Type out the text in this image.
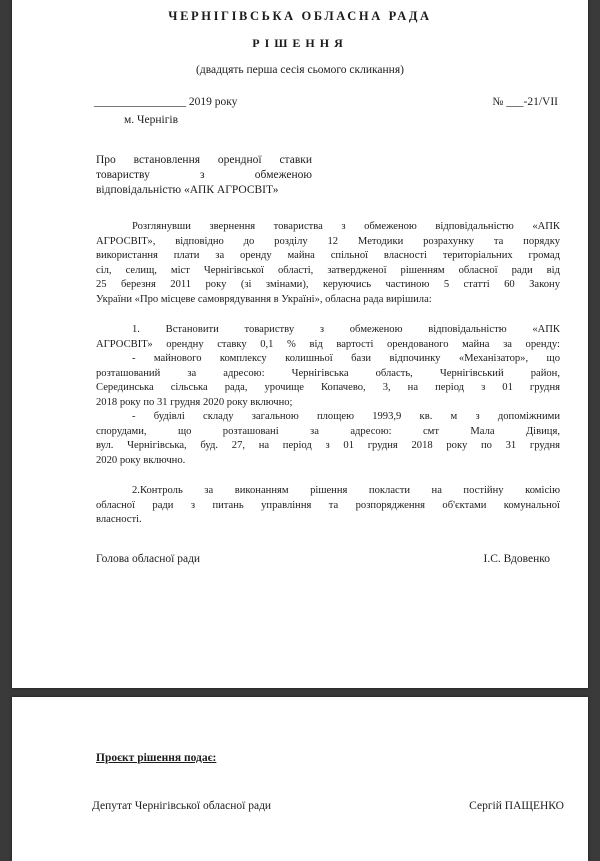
ЧЕРНІГІВСЬКА ОБЛАСНА РАДА
РІШЕННЯ
(двадцять перша сесія сьомого скликання)
________________ 2019 року	№ ___-21/VII
м. Чернігів
Про встановлення орендної ставки
товариству з обмеженою
відповідальністю «АПК АГРОСВІТ»
Розглянувши звернення товариства з обмеженою відповідальністю «АПК
АГРОСВІТ», відповідно до розділу 12 Методики розрахунку та порядку
використання плати за оренду майна спільної власності територіальних громад
сіл, селищ, міст Чернігівської області, затвердженої рішенням обласної ради від
25 березня 2011 року (зі змінами), керуючись частиною 5 статті 60 Закону
України «Про місцеве самоврядування в Україні», обласна рада вирішила:
1. Встановити товариству з обмеженою відповідальністю «АПК
АГРОСВІТ» орендну ставку 0,1 % від вартості орендованого майна за оренду:
- майнового комплексу колишньої бази відпочинку «Механізатор», що
розташований за адресою: Чернігівська область, Чернігівський район,
Серединська сільська рада, урочище Копачево, 3, на період з 01 грудня
2018 року по 31 грудня 2020 року включно;
- будівлі складу загальною площею 1993,9 кв. м з допоміжними
спорудами, що розташовані за адресою: смт Мала Дівиця,
вул. Чернігівська, буд. 27, на період з 01 грудня 2018 року по 31 грудня
2020 року включно.
2.Контроль за виконанням рішення покласти на постійну комісію
обласної ради з питань управління та розпорядження об'єктами комунальної
власності.
Голова обласної ради	І.С. Вдовенко
Проєкт рішення подає:
Депутат Чернігівської обласної ради	Сергій ПАЩЕНКО
